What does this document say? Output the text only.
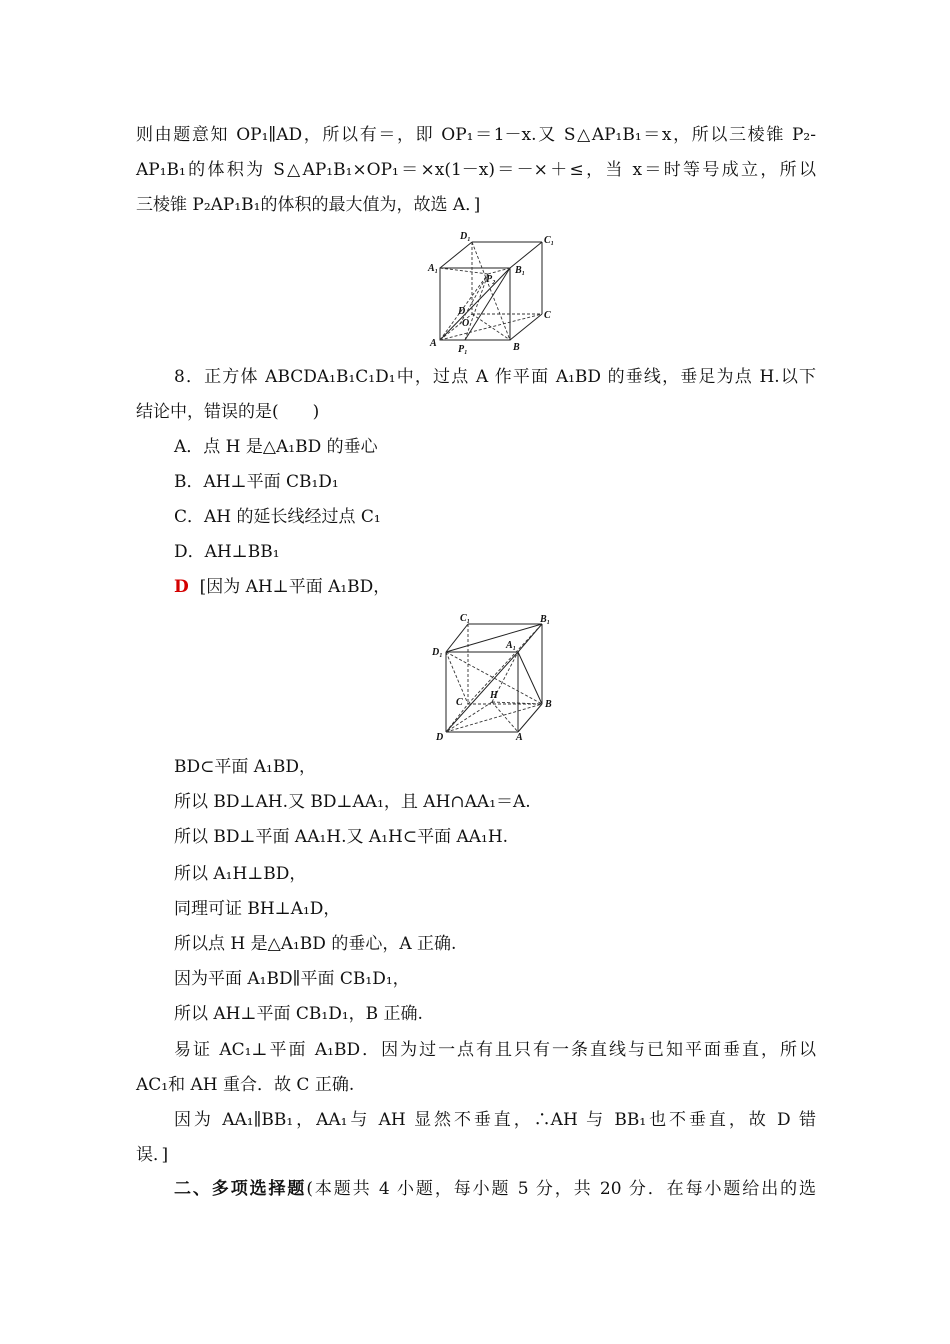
则由题意知 OP₁∥AD，所以有＝，即 OP₁＝1－x.又 S△AP₁B₁＝x，所以三棱锥 P₂-
AP₁B₁的体积为 S△AP₁B₁×OP₁＝×x(1－x)＝－×＋≤，当 x＝时等号成立，所以
三棱锥 P₂AP₁B₁的体积的最大值为，故选 A．]
D₁	C₁
A₁	B₁
P₂
D
O
C
A
P₁	B
8．正方体 ABCDA₁B₁C₁D₁中，过点 A 作平面 A₁BD 的垂线，垂足为点 H.以下
结论中，错误的是(　　)
A．点 H 是△A₁BD 的垂心
B．AH⊥平面 CB₁D₁
C．AH 的延长线经过点 C₁
D．AH⊥BB₁
D [因为 AH⊥平面 A₁BD，
C₁	B₁
D₁
A₁
C
H
B
D	A
BD⊂平面 A₁BD，
所以 BD⊥AH.又 BD⊥AA₁，且 AH∩AA₁＝A.
所以 BD⊥平面 AA₁H.又 A₁H⊂平面 AA₁H.
所以 A₁H⊥BD，
同理可证 BH⊥A₁D，
所以点 H 是△A₁BD 的垂心，A 正确.
因为平面 A₁BD∥平面 CB₁D₁，
所以 AH⊥平面 CB₁D₁，B 正确.
易证 AC₁⊥平面 A₁BD．因为过一点有且只有一条直线与已知平面垂直，所以
AC₁和 AH 重合．故 C 正确.
因为 AA₁∥BB₁，AA₁与 AH 显然不垂直，∴AH 与 BB₁也不垂直，故 D 错
误．]
二、多项选择题(本题共 4 小题，每小题 5 分，共 20 分．在每小题给出的选
